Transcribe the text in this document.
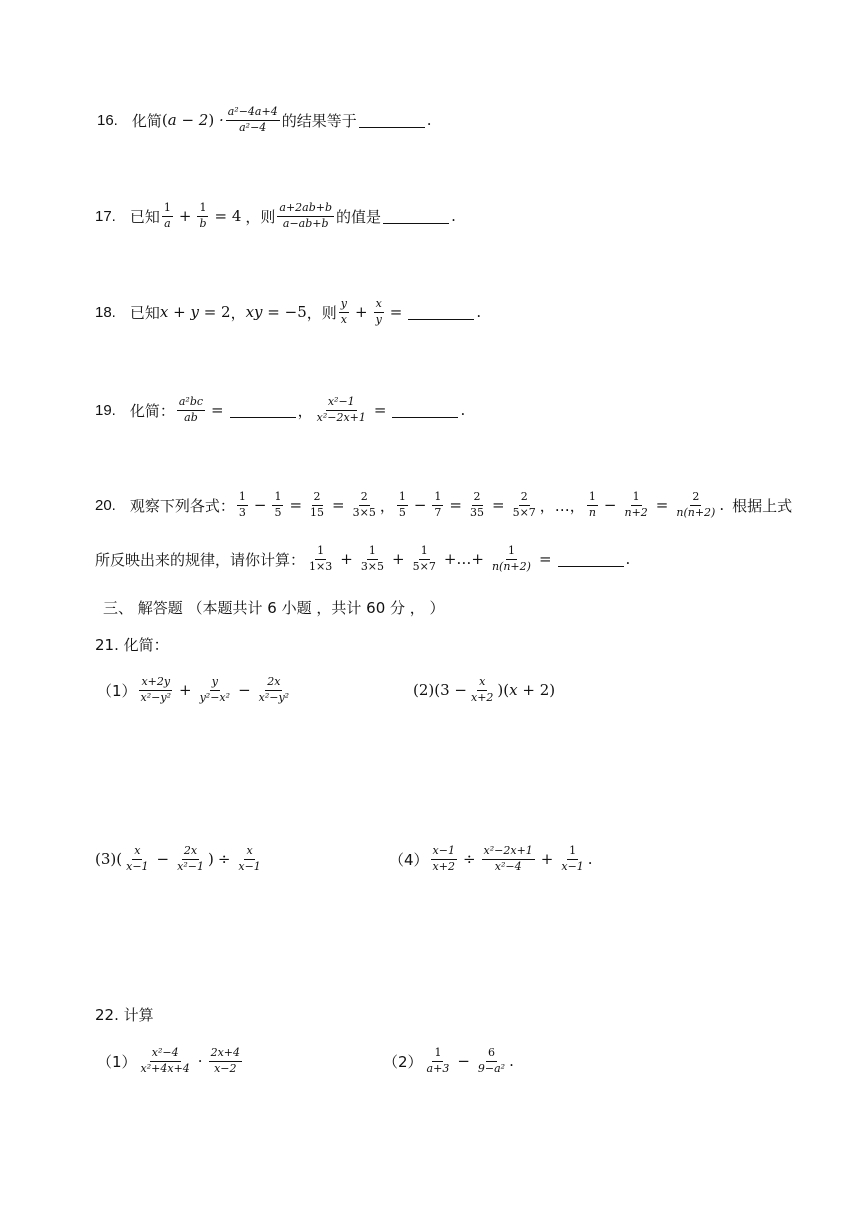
16. 化简 $(a - 2) \cdot \frac{\text{a²−4a+4}}{\text{a²−4}}$ 的结果等于	.
17. 已知 $\frac{1}{a} + \frac{1}{b} = 4$ ，则 $\frac{a+2ab+b}{a-ab+b}$ 的值是	.
18. 已知 x + y = 2 ， xy = −5 ，则 $\frac{y}{x} + \frac{x}{y}$ =	.
19. 化简： $\frac{\text{a²bc}}{ab}$ =	， $\frac{\text{x²−1}}{\text{x²−2x+1}}$ =	.
20. 观察下列各式： $\frac{1}{3} - \frac{1}{5} = \frac{2}{15} = \frac{2}{3\times 5}$ ， $\frac{1}{5} - \frac{1}{7} = \frac{2}{35} = \frac{2}{5\times 7}$ ，…， $\frac{1}{n} - \frac{1}{n+2} = \frac{2}{n(n+2)}$ . 根据上式
所反映出来的规律，请你计算： $\frac{1}{1\times 3} + \frac{1}{3\times 5} + \frac{1}{5\times 7}$ +…+ $\frac{1}{n(n+2)}$ =	.
三、 解答题 （本题共计 6 小题 ，共计 60 分 ， ）
21. 化简：
$(1) \frac{x+2y}{\text{x²−y²}} + \frac{y}{\text{y²−x²}} - \frac{2x}{\text{x²−y²}}$	(2) $(3 - \frac{x}{x+2} )(x + 2)$
(3) ( $\frac{x}{x-1} - \frac{2x}{\text{x²−1}}$ ) ÷ $\frac{x}{x-1}$	$(4) \frac{x-1}{x+2} \div \frac{\text{x²−2x+1}}{\text{x²−4}} + \frac{1}{x-1}$ .
22. 计算
$(1) \frac{\text{x²−4}}{\text{x²+4x+4}} \cdot \frac{2x+4}{x-2}$	$(2) \frac{1}{a+3} - \frac{6}{\text{9−a²}}$ .
